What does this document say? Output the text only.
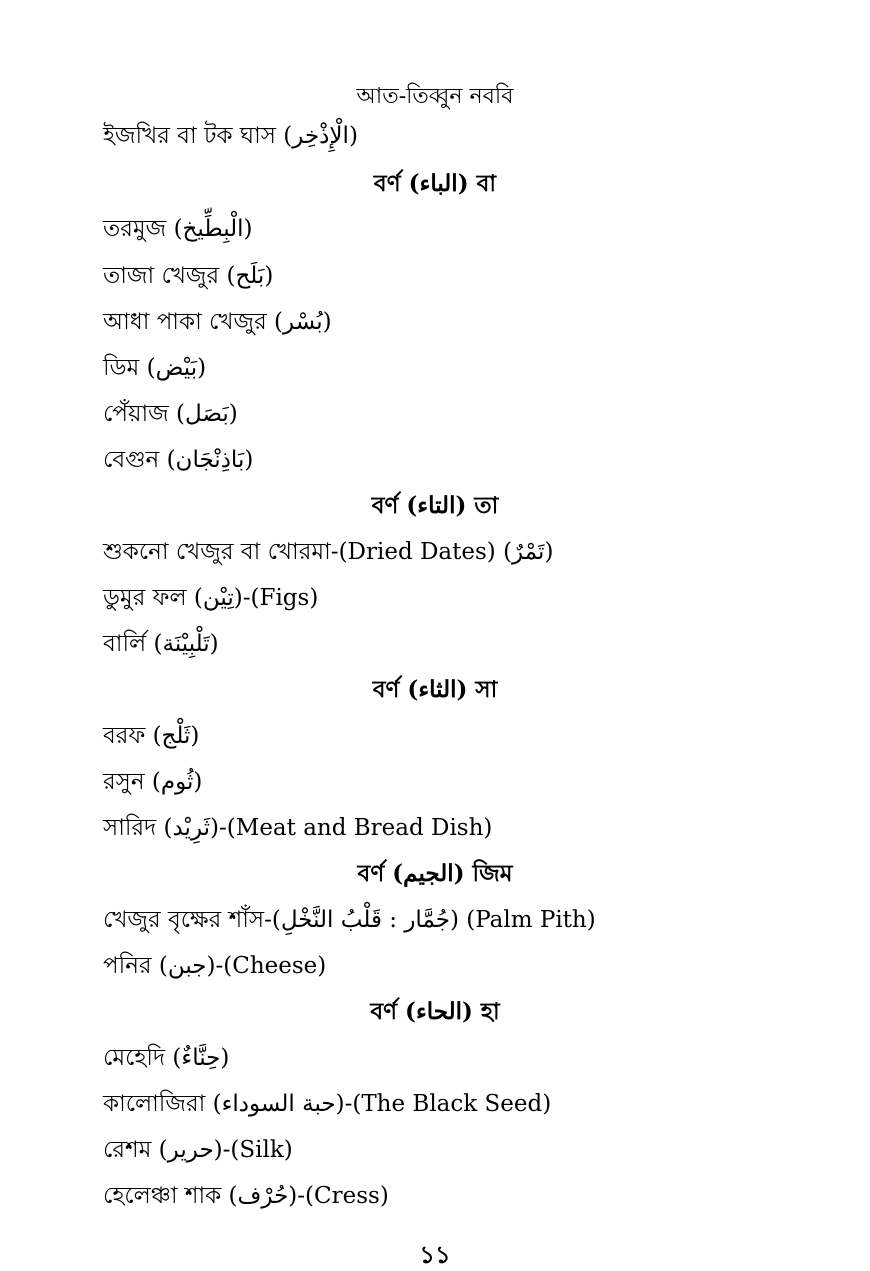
আত-তিব্বুন নববি
ইজখির বা টক ঘাস (الْإِذْخِر)
বর্ণ (الباء) বা
তরমুজ (الْبِطِّيخ)
তাজা খেজুর (بَلَح)
আধা পাকা খেজুর (بُسْر)
ডিম (بَيْض)
পেঁয়াজ (بَصَل)
বেগুন (بَاذِنْجَان)
বর্ণ (التاء) তা
শুকনো খেজুর বা খোরমা-(Dried Dates) (تَمْرٌ)
ডুমুর ফল (تِيْن)-(Figs)
বার্লি (تَلْبِيْنَة)
বর্ণ (الثاء) সা
বরফ (ثَلْج)
রসুন (ثُوم)
সারিদ (ثَرِيْد)-(Meat and Bread Dish)
বর্ণ (الجيم) জিম
খেজুর বৃক্ষের শাঁস-(جُمَّار : قَلْبُ النَّخْلِ) (Palm Pith)
পনির (جبن)-(Cheese)
বর্ণ (الحاء) হা
মেহেদি (حِنَّاءٌ)
কালোজিরা (حبة السوداء)-(The Black Seed)
রেশম (حرير)-(Silk)
হেলেঞ্চা শাক (حُرْف)-(Cress)
১১
